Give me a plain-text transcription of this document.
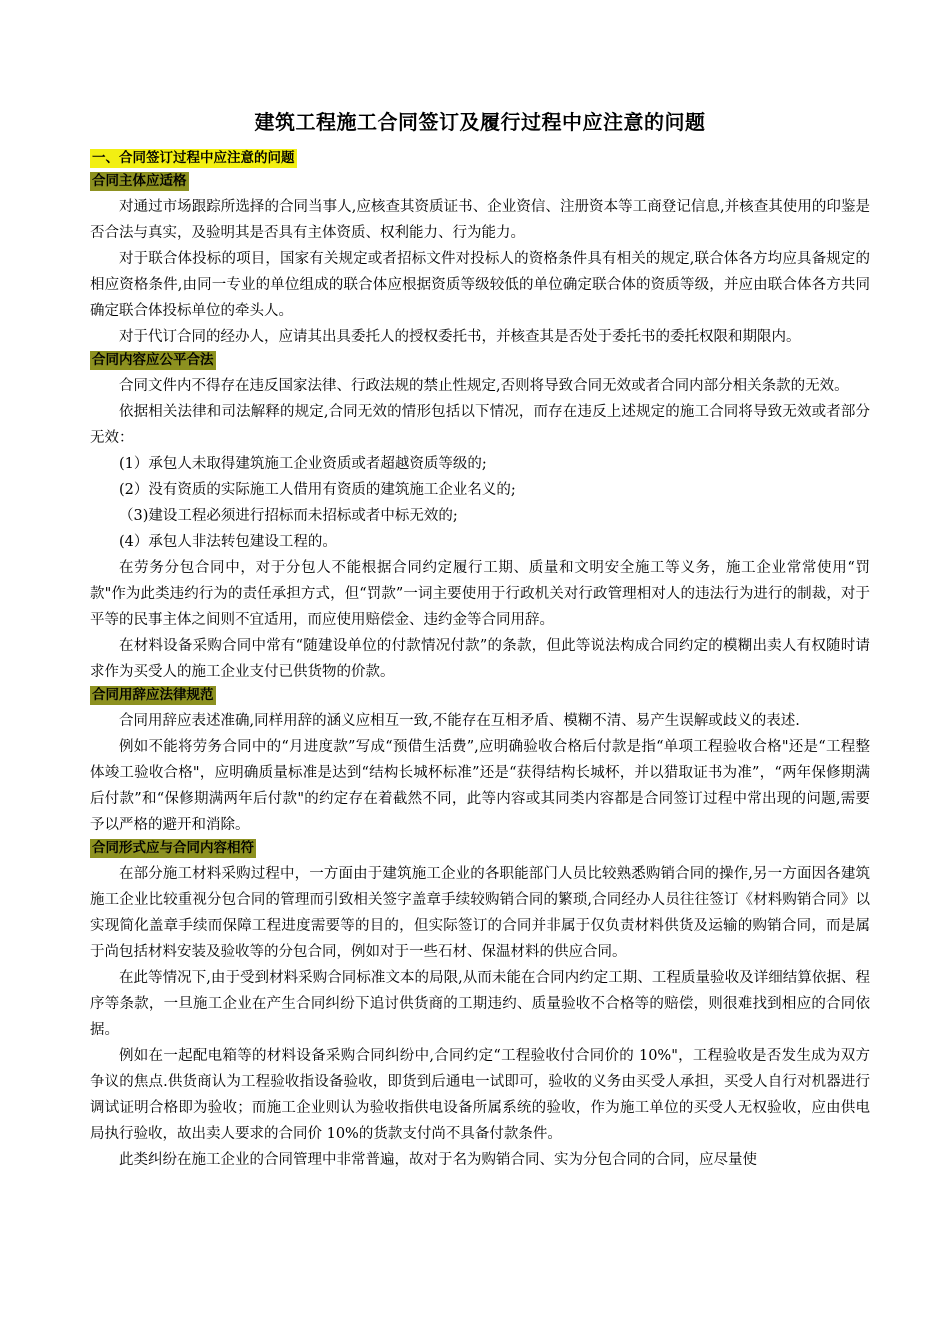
建筑工程施工合同签订及履行过程中应注意的问题
一、合同签订过程中应注意的问题
合同主体应适格

对通过市场跟踪所选择的合同当事人,应核查其资质证书、企业资信、注册资本等工商登记信息,并核查其使用的印鉴是否合法与真实，及验明其是否具有主体资质、权利能力、行为能力。

对于联合体投标的项目，国家有关规定或者招标文件对投标人的资格条件具有相关的规定,联合体各方均应具备规定的相应资格条件,由同一专业的单位组成的联合体应根据资质等级较低的单位确定联合体的资质等级，并应由联合体各方共同确定联合体投标单位的牵头人。

对于代订合同的经办人，应请其出具委托人的授权委托书，并核查其是否处于委托书的委托权限和期限内。

合同内容应公平合法

合同文件内不得存在违反国家法律、行政法规的禁止性规定,否则将导致合同无效或者合同内部分相关条款的无效。

依据相关法律和司法解释的规定,合同无效的情形包括以下情况，而存在违反上述规定的施工合同将导致无效或者部分无效：

(1）承包人未取得建筑施工企业资质或者超越资质等级的;

(2）没有资质的实际施工人借用有资质的建筑施工企业名义的;

（3)建设工程必须进行招标而未招标或者中标无效的;

(4）承包人非法转包建设工程的。

在劳务分包合同中，对于分包人不能根据合同约定履行工期、质量和文明安全施工等义务，施工企业常常使用“罚款"作为此类违约行为的责任承担方式，但“罚款”一词主要使用于行政机关对行政管理相对人的违法行为进行的制裁，对于平等的民事主体之间则不宜适用，而应使用赔偿金、违约金等合同用辞。

在材料设备采购合同中常有“随建设单位的付款情况付款”的条款，但此等说法构成合同约定的模糊出卖人有权随时请求作为买受人的施工企业支付已供货物的价款。

合同用辞应法律规范

合同用辞应表述准确,同样用辞的涵义应相互一致,不能存在互相矛盾、模糊不清、易产生误解或歧义的表述.

例如不能将劳务合同中的“月进度款”写成“预借生活费”,应明确验收合格后付款是指“单项工程验收合格"还是“工程整体竣工验收合格"，应明确质量标准是达到“结构长城杯标准”还是“获得结构长城杯，并以猎取证书为准”，“两年保修期满后付款”和“保修期满两年后付款"的约定存在着截然不同，此等内容或其同类内容都是合同签订过程中常出现的问题,需要予以严格的避开和消除。

合同形式应与合同内容相符

在部分施工材料采购过程中，一方面由于建筑施工企业的各职能部门人员比较熟悉购销合同的操作,另一方面因各建筑施工企业比较重视分包合同的管理而引致相关签字盖章手续较购销合同的繁琐,合同经办人员往往签订《材料购销合同》以实现简化盖章手续而保障工程进度需要等的目的，但实际签订的合同并非属于仅负责材料供货及运输的购销合同，而是属于尚包括材料安装及验收等的分包合同，例如对于一些石材、保温材料的供应合同。

在此等情况下,由于受到材料采购合同标准文本的局限,从而未能在合同内约定工期、工程质量验收及详细结算依据、程序等条款，一旦施工企业在产生合同纠纷下追讨供货商的工期违约、质量验收不合格等的赔偿，则很难找到相应的合同依据。

例如在一起配电箱等的材料设备采购合同纠纷中,合同约定“工程验收付合同价的 10%"，工程验收是否发生成为双方争议的焦点.供货商认为工程验收指设备验收，即货到后通电一试即可，验收的义务由买受人承担，买受人自行对机器进行调试证明合格即为验收；而施工企业则认为验收指供电设备所属系统的验收，作为施工单位的买受人无权验收，应由供电局执行验收，故出卖人要求的合同价 10%的货款支付尚不具备付款条件。

此类纠纷在施工企业的合同管理中非常普遍，故对于名为购销合同、实为分包合同的合同，应尽量使
